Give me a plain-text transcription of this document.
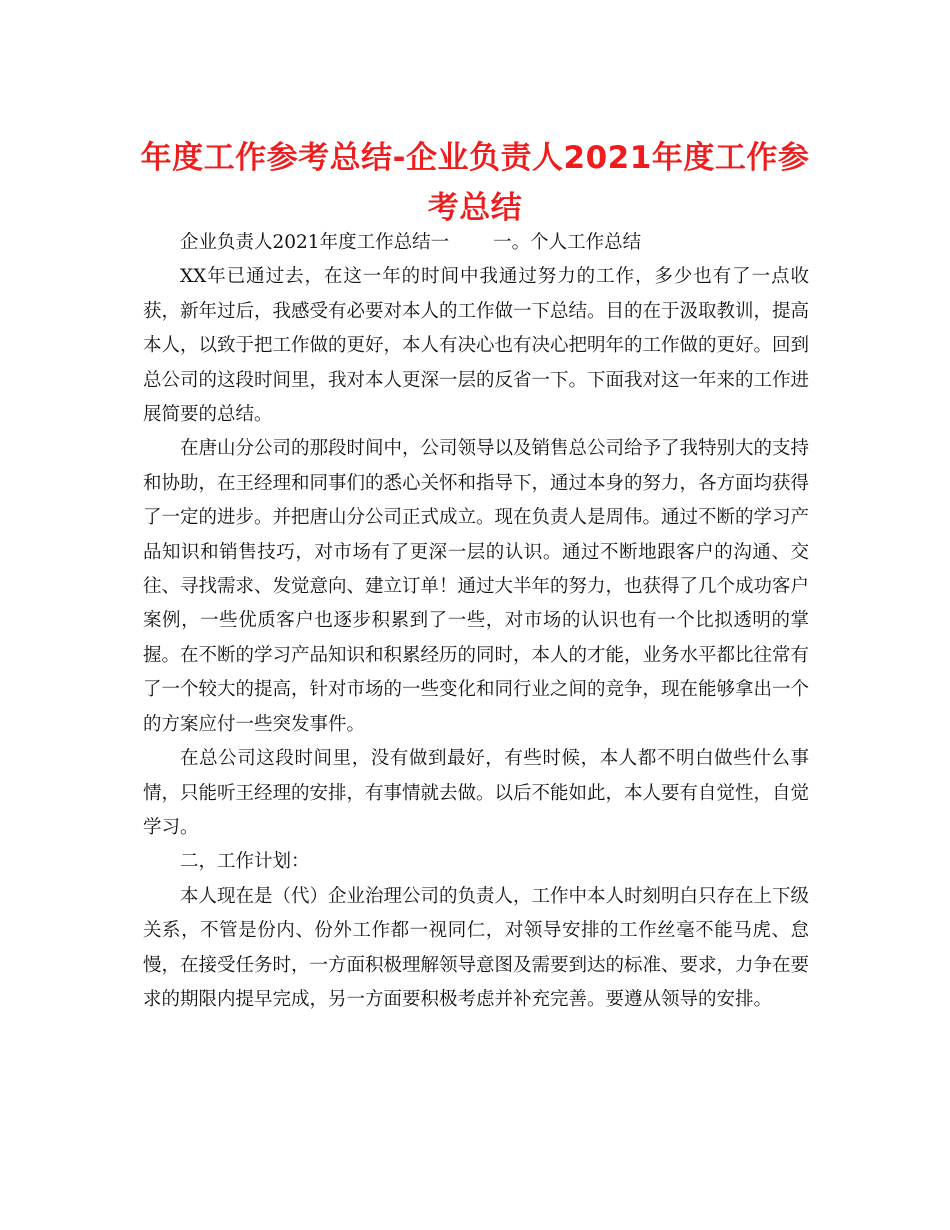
年度工作参考总结-企业负责人2021年度工作参考总结

企业负责人2021年度工作总结一 一。个人工作总结

XX年已通过去，在这一年的时间中我通过努力的工作，多少也有了一点收获，新年过后，我感受有必要对本人的工作做一下总结。目的在于汲取教训，提高本人，以致于把工作做的更好，本人有决心也有决心把明年的工作做的更好。回到总公司的这段时间里，我对本人更深一层的反省一下。下面我对这一年来的工作进展简要的总结。

在唐山分公司的那段时间中，公司领导以及销售总公司给予了我特别大的支持和协助，在王经理和同事们的悉心关怀和指导下，通过本身的努力，各方面均获得了一定的进步。并把唐山分公司正式成立。现在负责人是周伟。通过不断的学习产品知识和销售技巧，对市场有了更深一层的认识。通过不断地跟客户的沟通、交往、寻找需求、发觉意向、建立订单！通过大半年的努力，也获得了几个成功客户案例，一些优质客户也逐步积累到了一些，对市场的认识也有一个比拟透明的掌握。在不断的学习产品知识和积累经历的同时，本人的才能，业务水平都比往常有了一个较大的提高，针对市场的一些变化和同行业之间的竞争，现在能够拿出一个的方案应付一些突发事件。

在总公司这段时间里，没有做到最好，有些时候，本人都不明白做些什么事情，只能听王经理的安排，有事情就去做。以后不能如此，本人要有自觉性，自觉学习。

二，工作计划：

本人现在是（代）企业治理公司的负责人，工作中本人时刻明白只存在上下级关系，不管是份内、份外工作都一视同仁，对领导安排的工作丝毫不能马虎、怠慢，在接受任务时，一方面积极理解领导意图及需要到达的标准、要求，力争在要求的期限内提早完成，另一方面要积极考虑并补充完善。要遵从领导的安排。
